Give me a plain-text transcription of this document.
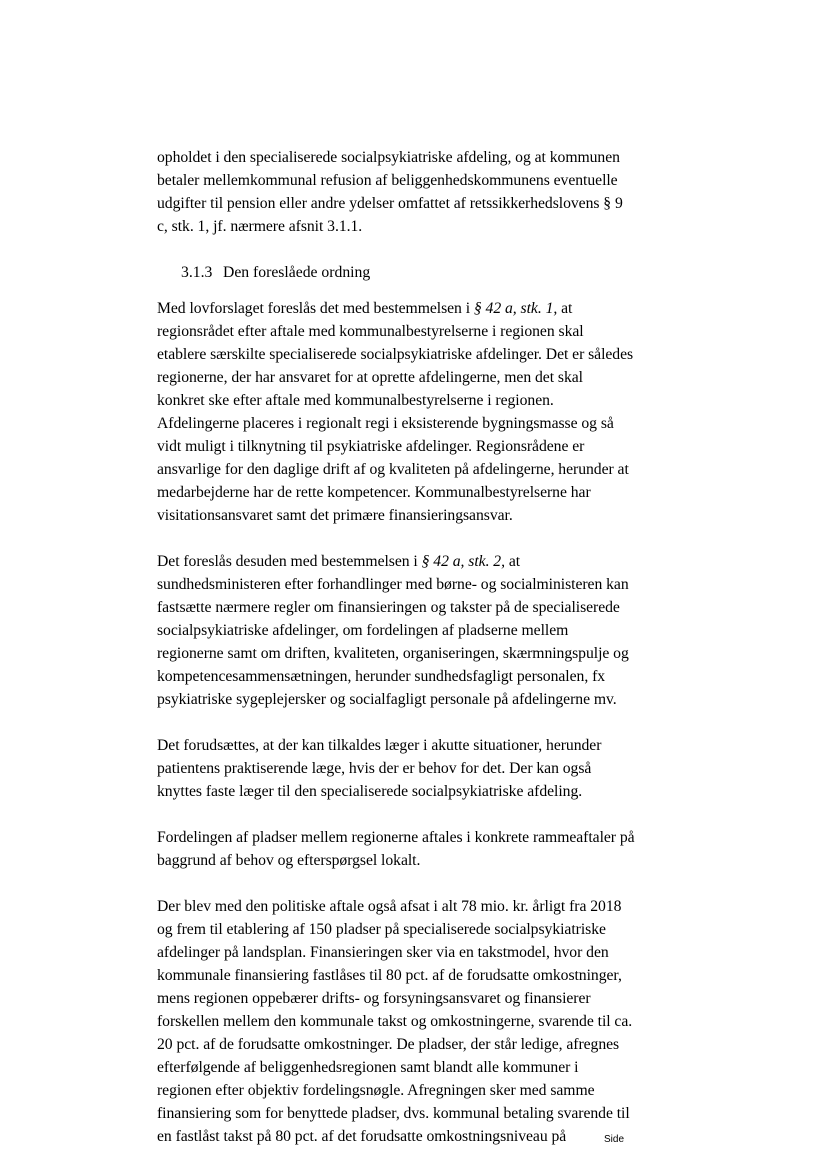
opholdet i den specialiserede socialpsykiatriske afdeling, og at kommunen
betaler mellemkommunal refusion af beliggenhedskommunens eventuelle
udgifter til pension eller andre ydelser omfattet af retssikkerhedslovens § 9
c, stk. 1, jf. nærmere afsnit 3.1.1.
3.1.3 Den foreslåede ordning
Med lovforslaget foreslås det med bestemmelsen i § 42 a, stk. 1, at
regionsrådet efter aftale med kommunalbestyrelserne i regionen skal
etablere særskilte specialiserede socialpsykiatriske afdelinger. Det er således
regionerne, der har ansvaret for at oprette afdelingerne, men det skal
konkret ske efter aftale med kommunalbestyrelserne i regionen.
Afdelingerne placeres i regionalt regi i eksisterende bygningsmasse og så
vidt muligt i tilknytning til psykiatriske afdelinger. Regionsrådene er
ansvarlige for den daglige drift af og kvaliteten på afdelingerne, herunder at
medarbejderne har de rette kompetencer. Kommunalbestyrelserne har
visitationsansvaret samt det primære finansieringsansvar.
Det foreslås desuden med bestemmelsen i § 42 a, stk. 2, at
sundhedsministeren efter forhandlinger med børne- og socialministeren kan
fastsætte nærmere regler om finansieringen og takster på de specialiserede
socialpsykiatriske afdelinger, om fordelingen af pladserne mellem
regionerne samt om driften, kvaliteten, organiseringen, skærmningspulje og
kompetencesammensætningen, herunder sundhedsfagligt personalen, fx
psykiatriske sygeplejersker og socialfagligt personale på afdelingerne mv.
Det forudsættes, at der kan tilkaldes læger i akutte situationer, herunder
patientens praktiserende læge, hvis der er behov for det. Der kan også
knyttes faste læger til den specialiserede socialpsykiatriske afdeling.
Fordelingen af pladser mellem regionerne aftales i konkrete rammeaftaler på
baggrund af behov og efterspørgsel lokalt.
Der blev med den politiske aftale også afsat i alt 78 mio. kr. årligt fra 2018
og frem til etablering af 150 pladser på specialiserede socialpsykiatriske
afdelinger på landsplan. Finansieringen sker via en takstmodel, hvor den
kommunale finansiering fastlåses til 80 pct. af de forudsatte omkostninger,
mens regionen oppebærer drifts- og forsyningsansvaret og finansierer
forskellen mellem den kommunale takst og omkostningerne, svarende til ca.
20 pct. af de forudsatte omkostninger. De pladser, der står ledige, afregnes
efterfølgende af beliggenhedsregionen samt blandt alle kommuner i
regionen efter objektiv fordelingsnøgle. Afregningen sker med samme
finansiering som for benyttede pladser, dvs. kommunal betaling svarende til
en fastlåst takst på 80 pct. af det forudsatte omkostningsniveau på	Side
